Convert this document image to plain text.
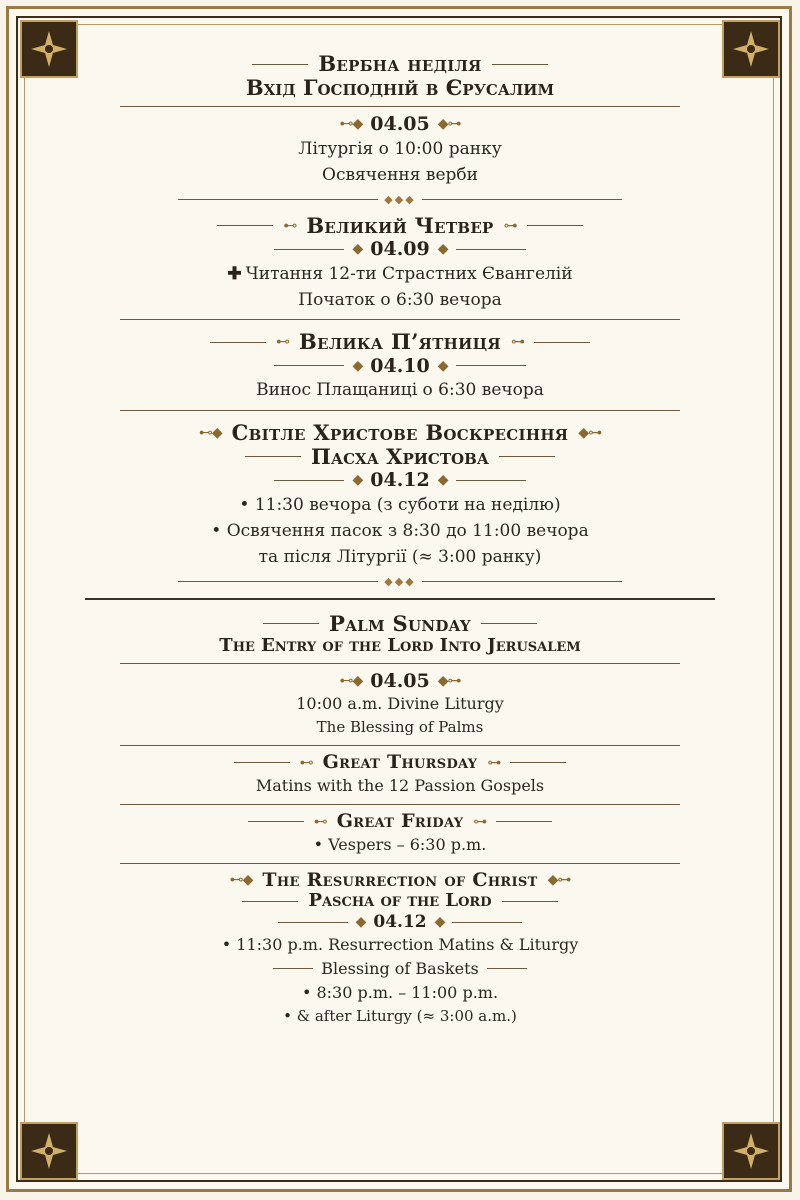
Вербна неділя
Вхід Господній в Єрусалим
⊷◆ 04.05 ◆⊶
Літургія о 10:00 ранку
Освячення верби
◆◆◆
⊷ Великий Четвер ⊶
◆ 04.09 ◆
✚ Читання 12-ти Страстних Євангелій
Початок о 6:30 вечора
⊷ Велика П’ятниця ⊶
◆ 04.10 ◆
Винос Плащаниці о 6:30 вечора
⊷◆ Світле Христове Воскресіння ◆⊶
Пасха Христова
◆ 04.12 ◆
• 11:30 вечора (з суботи на неділю)
• Освячення пасок з 8:30 до 11:00 вечора
та після Літургії (≈ 3:00 ранку)
◆◆◆
Palm Sunday
The Entry of the Lord Into Jerusalem
⊷◆ 04.05 ◆⊶
10:00 a.m. Divine Liturgy
The Blessing of Palms
⊷ Great Thursday ⊶
Matins with the 12 Passion Gospels
⊷ Great Friday ⊶
• Vespers – 6:30 p.m.
⊷◆ The Resurrection of Christ ◆⊶
Pascha of the Lord
◆ 04.12 ◆
• 11:30 p.m. Resurrection Matins & Liturgy
Blessing of Baskets
• 8:30 p.m. – 11:00 p.m.
• & after Liturgy (≈ 3:00 a.m.)
